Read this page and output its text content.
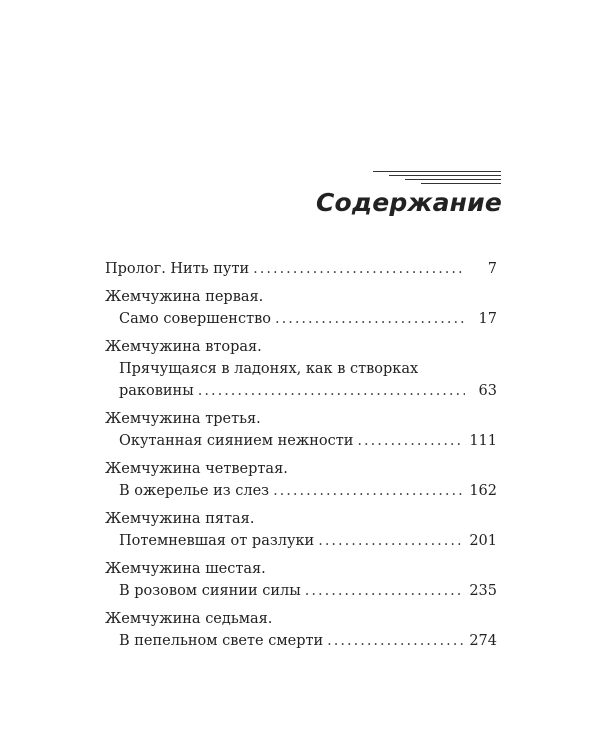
Содержание
Пролог. Нить пути .....	7
Жемчужина первая.
Само совершенство .....	17
Жемчужина вторая.
Прячущаяся в ладонях, как в створках
раковины .....	63
Жемчужина третья.
Окутанная сиянием нежности .....	111
Жемчужина четвертая.
В ожерелье из слез .....	162
Жемчужина пятая.
Потемневшая от разлуки .....	201
Жемчужина шестая.
В розовом сиянии силы .....	235
Жемчужина седьмая.
В пепельном свете смерти .....	274
